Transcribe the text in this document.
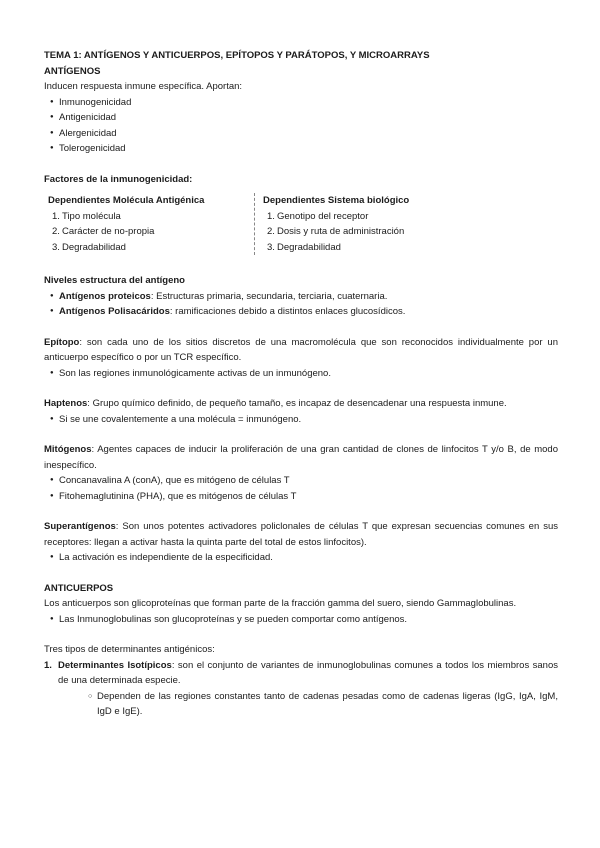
TEMA 1: ANTÍGENOS Y ANTICUERPOS, EPÍTOPOS Y PARÁTOPOS, Y MICROARRAYS

ANTÍGENOS

Inducen respuesta inmune específica. Aportan:

● Inmunogenicidad
● Antigenicidad
● Alergenicidad
● Tolerogenicidad

Factores de la inmunogenicidad:

Dependientes Molécula Antigénica

1. Tipo molécula
2. Carácter de no-propia
3. Degradabilidad

Dependientes Sistema biológico

1. Genotipo del receptor
2. Dosis y ruta de administración
3. Degradabilidad

Niveles estructura del antígeno

● Antígenos proteicos: Estructuras primaria, secundaria, terciaria, cuaternaria.
● Antígenos Polisacáridos: ramificaciones debido a distintos enlaces glucosídicos.

Epítopo: son cada uno de los sitios discretos de una macromolécula que son reconocidos individualmente por un anticuerpo específico o por un TCR específico.

● Son las regiones inmunológicamente activas de un inmunógeno.

Haptenos: Grupo químico definido, de pequeño tamaño, es incapaz de desencadenar una respuesta inmune.

● Si se une covalentemente a una molécula = inmunógeno.

Mitógenos: Agentes capaces de inducir la proliferación de una gran cantidad de clones de linfocitos T y/o B, de modo inespecífico.

● Concanavalina A (conA), que es mitógeno de células T
● Fitohemaglutinina (PHA), que es mitógenos de células T

Superantígenos: Son unos potentes activadores policlonales de células T que expresan secuencias comunes en sus receptores: llegan a activar hasta la quinta parte del total de estos linfocitos).

● La activación es independiente de la especificidad.

ANTICUERPOS

Los anticuerpos son glicoproteínas que forman parte de la fracción gamma del suero, siendo Gammaglobulinas.

● Las Inmunoglobulinas son glucoproteínas y se pueden comportar como antígenos.

Tres tipos de determinantes antigénicos:

1. Determinantes Isotípicos: son el conjunto de variantes de inmunoglobulinas comunes a todos los miembros sanos de una determinada especie.

○ Dependen de las regiones constantes tanto de cadenas pesadas como de cadenas ligeras (IgG, IgA, IgM, IgD e IgE).
